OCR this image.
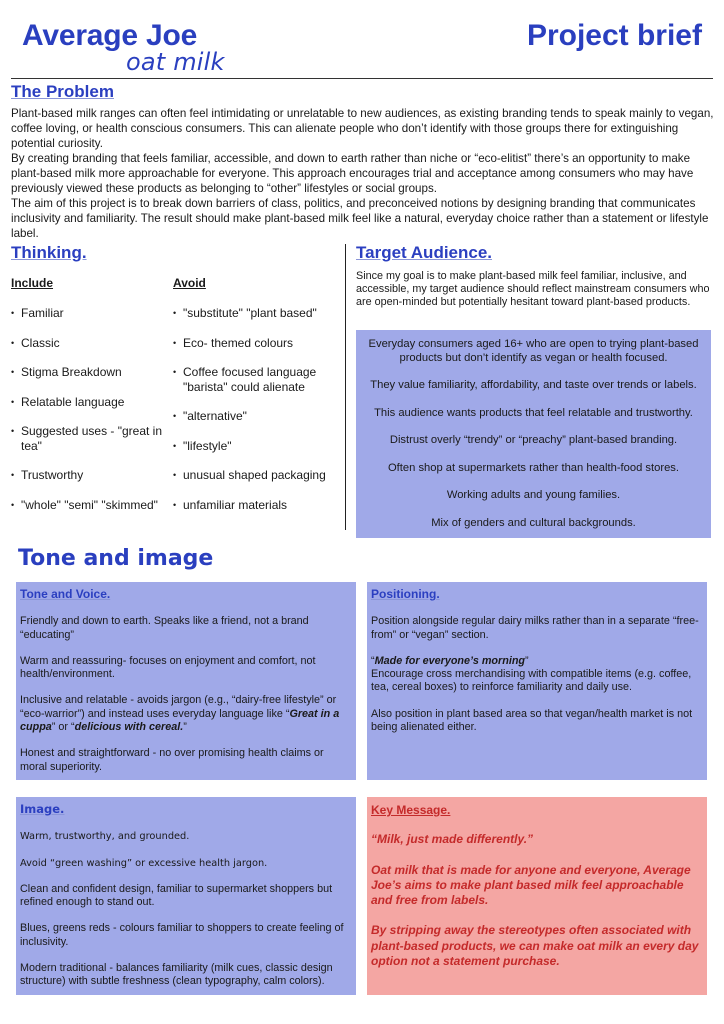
Average Joe
oat milk
Project brief
The Problem

Plant-based milk ranges can often feel intimidating or unrelatable to new audiences, as existing branding tends to speak mainly to vegan, coffee loving, or health conscious consumers. This can alienate people who don’t identify with those groups there for extinguishing potential curiosity.

By creating branding that feels familiar, accessible, and down to earth rather than niche or “eco-elitist” there’s an opportunity to make plant-based milk more approachable for everyone. This approach encourages trial and acceptance among consumers who may have previously viewed these products as belonging to “other” lifestyles or social groups.

The aim of this project is to break down barriers of class, politics, and preconceived notions by designing branding that communicates inclusivity and familiarity. The result should make plant-based milk feel like a natural, everyday choice rather than a statement or lifestyle label.

Thinking.
Include	Avoid
• Familiar
• Classic
• Stigma Breakdown
• Relatable language
• Suggested uses - "great in tea"
• Trustworthy
• "whole" "semi" "skimmed"
• "substitute" "plant based"
• Eco- themed colours
• Coffee focused language "barista" could alienate
• "alternative"
• "lifestyle"
• unusual shaped packaging
• unfamiliar materials
Target Audience.
Since my goal is to make plant-based milk feel familiar, inclusive, and accessible, my target audience should reflect mainstream consumers who are open-minded but potentially hesitant toward plant-based products.

Everyday consumers aged 16+ who are open to trying plant-based products but don’t identify as vegan or health focused.

They value familiarity, affordability, and taste over trends or labels.

This audience wants products that feel relatable and trustworthy.

Distrust overly “trendy” or “preachy” plant-based branding.

Often shop at supermarkets rather than health-food stores.

Working adults and young families.

Mix of genders and cultural backgrounds.

Tone and image
Tone and Voice.

Friendly and down to earth. Speaks like a friend, not a brand “educating”

Warm and reassuring- focuses on enjoyment and comfort, not health/environment.

Inclusive and relatable - avoids jargon (e.g., “dairy-free lifestyle” or “eco-warrior”) and instead uses everyday language like “Great in a cuppa” or “delicious with cereal.”

Honest and straightforward - no over promising health claims or moral superiority.

Positioning.

Position alongside regular dairy milks rather than in a separate “free-from” or “vegan” section.

“Made for everyone’s morning”
Encourage cross merchandising with compatible items (e.g. coffee, tea, cereal boxes) to reinforce familiarity and daily use.

Also position in plant based area so that vegan/health market is not being alienated either.

Image.

Warm, trustworthy, and grounded.

Avoid “green washing” or excessive health jargon.

Clean and confident design, familiar to supermarket shoppers but refined enough to stand out.

Blues, greens reds - colours familiar to shoppers to create feeling of inclusivity.

Modern traditional - balances familiarity (milk cues, classic design structure) with subtle freshness (clean typography, calm colors).

Key Message.

“Milk, just made differently.”

Oat milk that is made for anyone and everyone, Average Joe’s aims to make plant based milk feel approachable and free from labels.

By stripping away the stereotypes often associated with plant-based products, we can make oat milk an every day option not a statement purchase.
